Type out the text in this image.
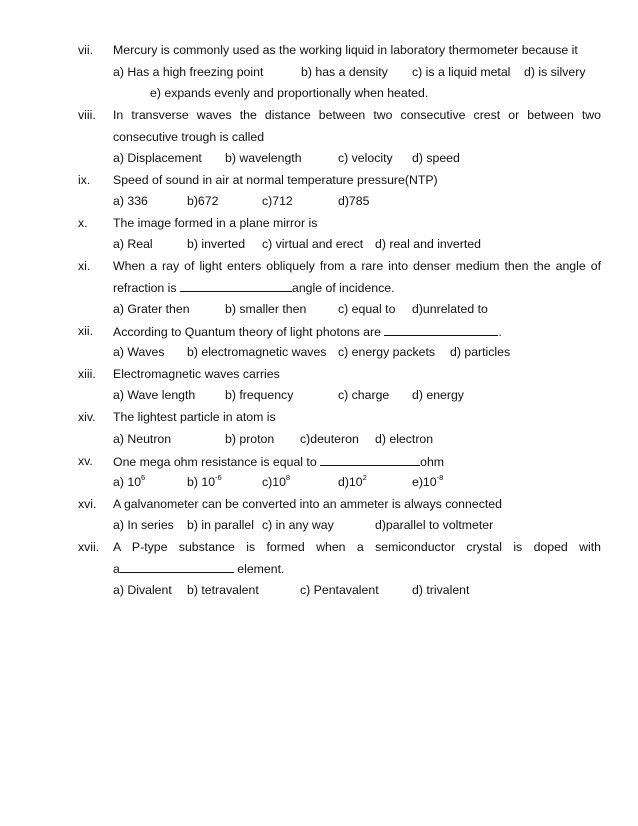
vii. Mercury is commonly used as the working liquid in laboratory thermometer because it
a) Has a high freezing point	b) has a density c) is a liquid metal d) is silvery
e) expands evenly and proportionally when heated.
viii. In transverse waves the distance between two consecutive crest or between two
consecutive trough is called
a) Displacement b) wavelength	c) velocity d) speed
ix. Speed of sound in air at normal temperature pressure(NTP)
a) 336	b)672	c)712	d)785
x. The image formed in a plane mirror is
a) Real	b) inverted c) virtual and erect d) real and inverted
xi. When a ray of light enters obliquely from a rare into denser medium then the angle of
refraction is	angle of incidence.
a) Grater then	b) smaller then	c) equal to d)unrelated to
xii. According to Quantum theory of light photons are	.
a) Waves b) electromagnetic waves c) energy packets d) particles
xiii. Electromagnetic waves carries
a) Wave length b) frequency	c) charge d) energy
xiv. The lightest particle in atom is
a) Neutron	b) proton c)deuteron d) electron
xv. One mega ohm resistance is equal to	ohm
a) $10^6$	b) $10^{-6}$	$c)10^8$	$d)10^2$	$e)10^{-8}$
xvi. A galvanometer can be converted into an ammeter is always connected
a) In series b) in parallel c) in any way	d)parallel to voltmeter
xvii. A P-type substance is formed when a semiconductor crystal is doped with
a	element.
a) Divalent b) tetravalent	c) Pentavalent	d) trivalent
